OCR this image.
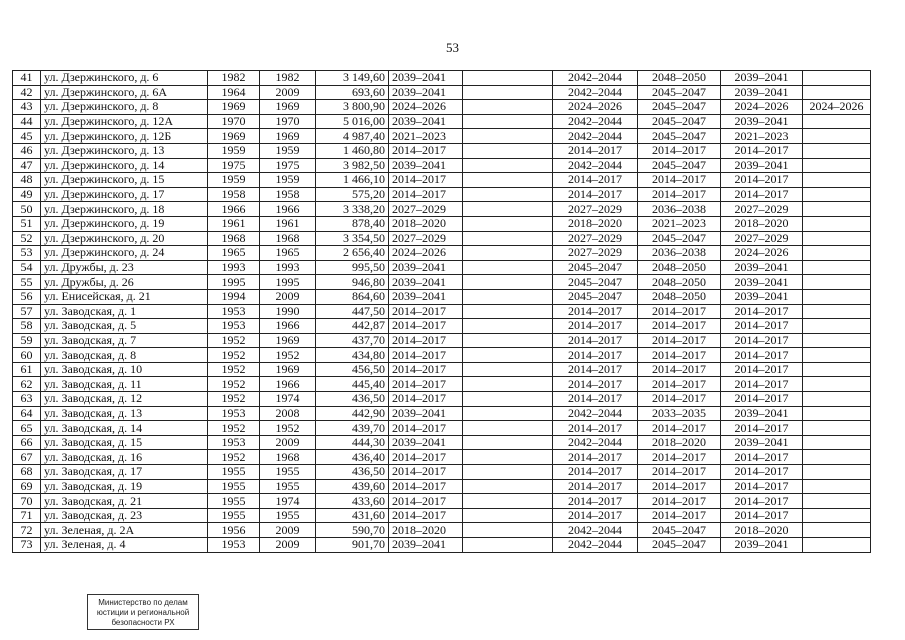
53
41	ул. Дзержинского, д. 6	1982	1982	3 149,60	2039–2041		2042–2044	2048–2050	2039–2041	
42	ул. Дзержинского, д. 6А	1964	2009	693,60	2039–2041		2042–2044	2045–2047	2039–2041	
43	ул. Дзержинского, д. 8	1969	1969	3 800,90	2024–2026		2024–2026	2045–2047	2024–2026	2024–2026
44	ул. Дзержинского, д. 12А	1970	1970	5 016,00	2039–2041		2042–2044	2045–2047	2039–2041	
45	ул. Дзержинского, д. 12Б	1969	1969	4 987,40	2021–2023		2042–2044	2045–2047	2021–2023	
46	ул. Дзержинского, д. 13	1959	1959	1 460,80	2014–2017		2014–2017	2014–2017	2014–2017	
47	ул. Дзержинского, д. 14	1975	1975	3 982,50	2039–2041		2042–2044	2045–2047	2039–2041	
48	ул. Дзержинского, д. 15	1959	1959	1 466,10	2014–2017		2014–2017	2014–2017	2014–2017	
49	ул. Дзержинского, д. 17	1958	1958	575,20	2014–2017		2014–2017	2014–2017	2014–2017	
50	ул. Дзержинского, д. 18	1966	1966	3 338,20	2027–2029		2027–2029	2036–2038	2027–2029	
51	ул. Дзержинского, д. 19	1961	1961	878,40	2018–2020		2018–2020	2021–2023	2018–2020	
52	ул. Дзержинского, д. 20	1968	1968	3 354,50	2027–2029		2027–2029	2045–2047	2027–2029	
53	ул. Дзержинского, д. 24	1965	1965	2 656,40	2024–2026		2027–2029	2036–2038	2024–2026	
54	ул. Дружбы, д. 23	1993	1993	995,50	2039–2041		2045–2047	2048–2050	2039–2041	
55	ул. Дружбы, д. 26	1995	1995	946,80	2039–2041		2045–2047	2048–2050	2039–2041	
56	ул. Енисейская, д. 21	1994	2009	864,60	2039–2041		2045–2047	2048–2050	2039–2041	
57	ул. Заводская, д. 1	1953	1990	447,50	2014–2017		2014–2017	2014–2017	2014–2017	
58	ул. Заводская, д. 5	1953	1966	442,87	2014–2017		2014–2017	2014–2017	2014–2017	
59	ул. Заводская, д. 7	1952	1969	437,70	2014–2017		2014–2017	2014–2017	2014–2017	
60	ул. Заводская, д. 8	1952	1952	434,80	2014–2017		2014–2017	2014–2017	2014–2017	
61	ул. Заводская, д. 10	1952	1969	456,50	2014–2017		2014–2017	2014–2017	2014–2017	
62	ул. Заводская, д. 11	1952	1966	445,40	2014–2017		2014–2017	2014–2017	2014–2017	
63	ул. Заводская, д. 12	1952	1974	436,50	2014–2017		2014–2017	2014–2017	2014–2017	
64	ул. Заводская, д. 13	1953	2008	442,90	2039–2041		2042–2044	2033–2035	2039–2041	
65	ул. Заводская, д. 14	1952	1952	439,70	2014–2017		2014–2017	2014–2017	2014–2017	
66	ул. Заводская, д. 15	1953	2009	444,30	2039–2041		2042–2044	2018–2020	2039–2041	
67	ул. Заводская, д. 16	1952	1968	436,40	2014–2017		2014–2017	2014–2017	2014–2017	
68	ул. Заводская, д. 17	1955	1955	436,50	2014–2017		2014–2017	2014–2017	2014–2017	
69	ул. Заводская, д. 19	1955	1955	439,60	2014–2017		2014–2017	2014–2017	2014–2017	
70	ул. Заводская, д. 21	1955	1974	433,60	2014–2017		2014–2017	2014–2017	2014–2017	
71	ул. Заводская, д. 23	1955	1955	431,60	2014–2017		2014–2017	2014–2017	2014–2017	
72	ул. Зеленая, д. 2А	1956	2009	590,70	2018–2020		2042–2044	2045–2047	2018–2020	
73	ул. Зеленая, д. 4	1953	2009	901,70	2039–2041		2042–2044	2045–2047	2039–2041	
Министерство по делам
юстиции и региональной
безопасности РХ
